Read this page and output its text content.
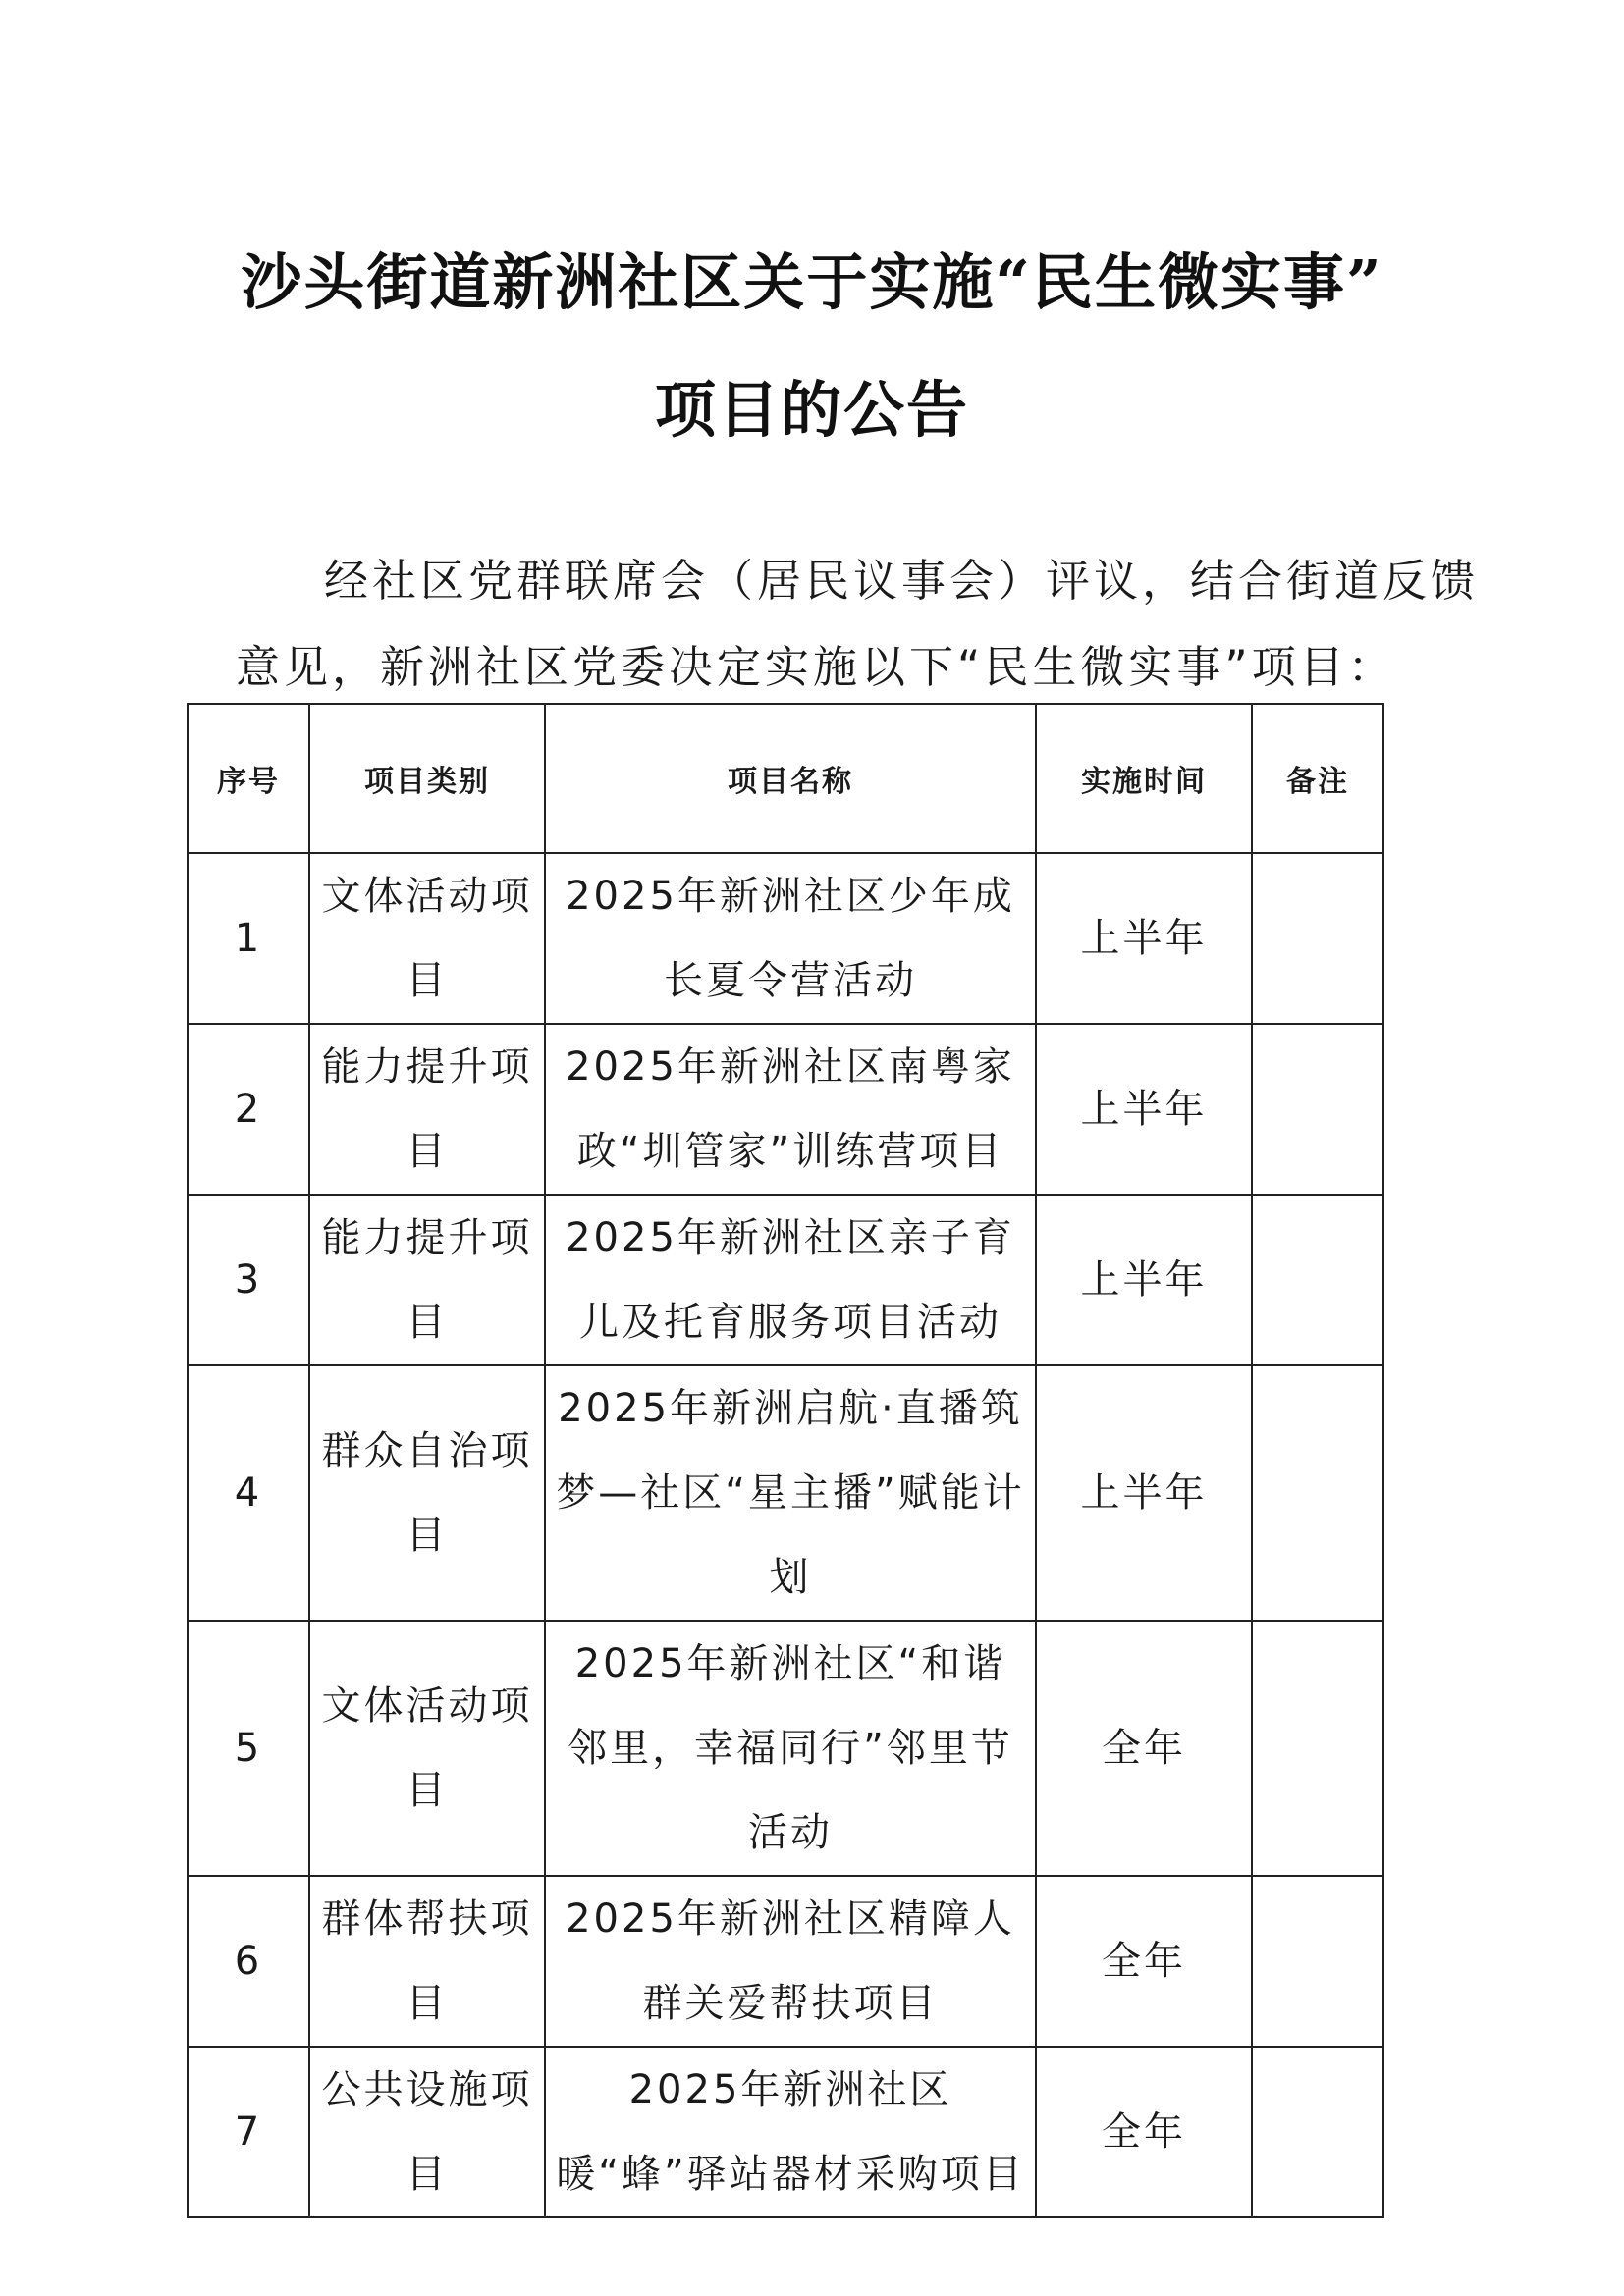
沙头街道新洲社区关于实施“民生微实事”
项目的公告
经社区党群联席会（居民议事会）评议，结合街道反馈
意见，新洲社区党委决定实施以下“民生微实事”项目：
序号	项目类别	项目名称	实施时间	备注
1	文体活动项目	2025年新洲社区少年成长夏令营活动	上半年	
2	能力提升项目	2025年新洲社区南粤家政“圳管家”训练营项目	上半年	
3	能力提升项目	2025年新洲社区亲子育儿及托育服务项目活动	上半年	
4	群众自治项目	2025年新洲启航·直播筑梦—社区“星主播”赋能计划	上半年	
5	文体活动项目	2025年新洲社区“和谐邻里，幸福同行”邻里节活动	全年	
6	群体帮扶项目	2025年新洲社区精障人群关爱帮扶项目	全年	
7	公共设施项目	2025年新洲社区暖“蜂”驿站器材采购项目	全年	
